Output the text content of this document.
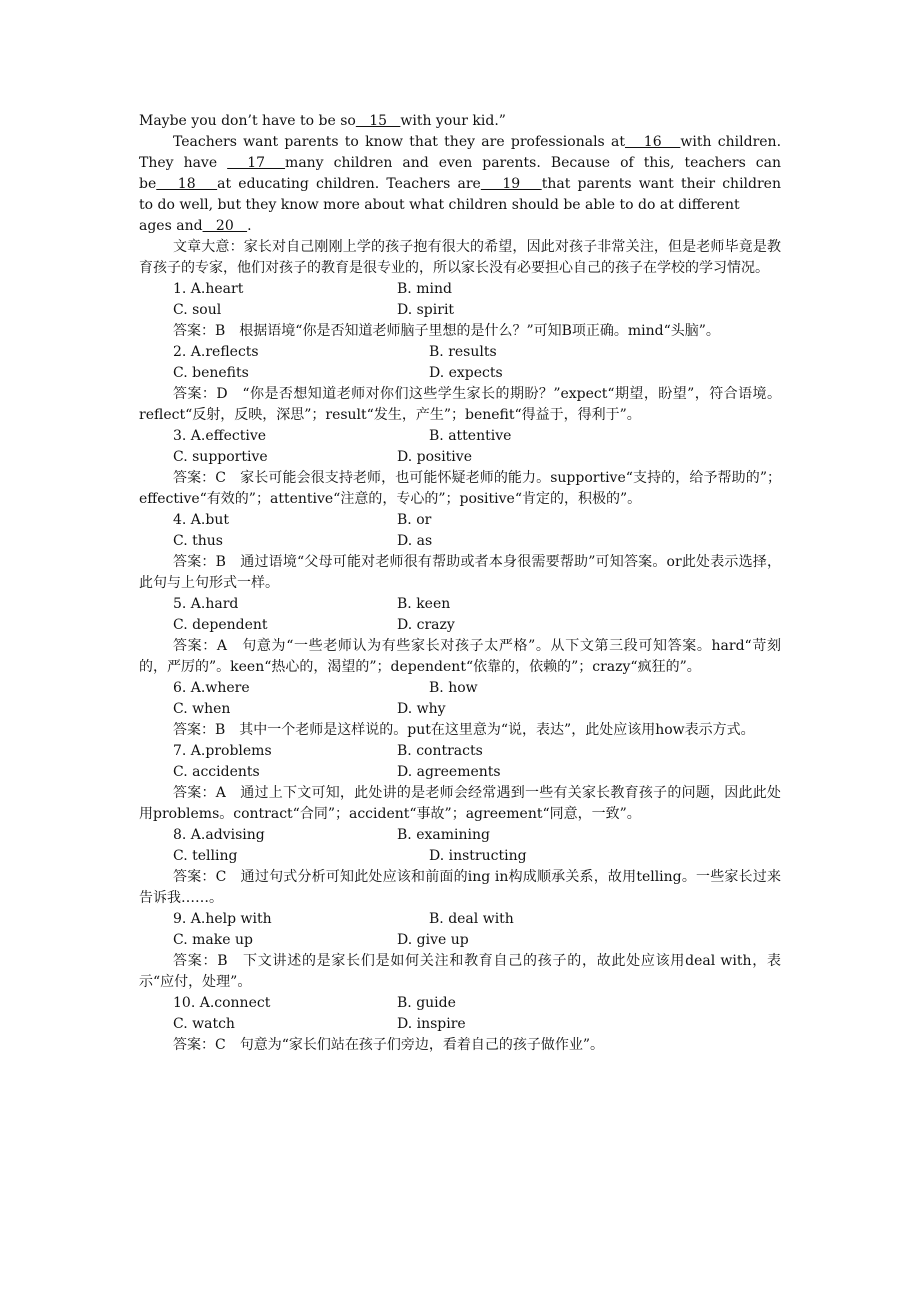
Maybe you don’t have to be so   15   with your kid.”
Teachers want parents to know that they are professionals at   16   with children.
They have   17  many children and even parents. Because of this, teachers can
be   18   at educating children. Teachers are   19   that parents want their children
to do well, but they know more about what children should be able to do at different
ages and   20   .
文章大意：家长对自己刚刚上学的孩子抱有很大的希望，因此对孩子非常关注，但是老师毕竟是教育孩子的专家，他们对孩子的教育是很专业的，所以家长没有必要担心自己的孩子在学校的学习情况。
1. A.heart	B. mind
C. soul	D. spirit
答案：B　根据语境“你是否知道老师脑子里想的是什么？”可知B项正确。mind“头脑”。
2. A.reflects	B. results
C. benefits	D. expects
答案：D　“你是否想知道老师对你们这些学生家长的期盼？”expect“期望，盼望”，符合语境。reflect“反射，反映，深思”；result“发生，产生”；benefit“得益于，得利于”。
3. A.effective	B. attentive
C. supportive	D. positive
答案：C　家长可能会很支持老师，也可能怀疑老师的能力。supportive“支持的，给予帮助的”；effective“有效的”；attentive“注意的，专心的”；positive“肯定的，积极的”。
4. A.but	B. or
C. thus	D. as
答案：B　通过语境“父母可能对老师很有帮助或者本身很需要帮助”可知答案。or此处表示选择，此句与上句形式一样。
5. A.hard	B. keen
C. dependent	D. crazy
答案：A　句意为“一些老师认为有些家长对孩子太严格”。从下文第三段可知答案。hard“苛刻的，严厉的”。keen“热心的，渴望的”；dependent“依靠的，依赖的”；crazy“疯狂的”。
6. A.where	B. how
C. when	D. why
答案：B　其中一个老师是这样说的。put在这里意为“说，表达”，此处应该用how表示方式。
7. A.problems	B. contracts
C. accidents	D. agreements
答案：A　通过上下文可知，此处讲的是老师会经常遇到一些有关家长教育孩子的问题，因此此处用problems。contract“合同”；accident“事故”；agreement“同意，一致”。
8. A.advising	B. examining
C. telling	D. instructing
答案：C　通过句式分析可知此处应该和前面的ing in构成顺承关系，故用telling。一些家长过来告诉我……。
9. A.help with	B. deal with
C. make up	D. give up
答案：B　下文讲述的是家长们是如何关注和教育自己的孩子的，故此处应该用deal with，表示“应付，处理”。
10. A.connect	B. guide
C. watch	D. inspire
答案：C　句意为“家长们站在孩子们旁边，看着自己的孩子做作业”。
